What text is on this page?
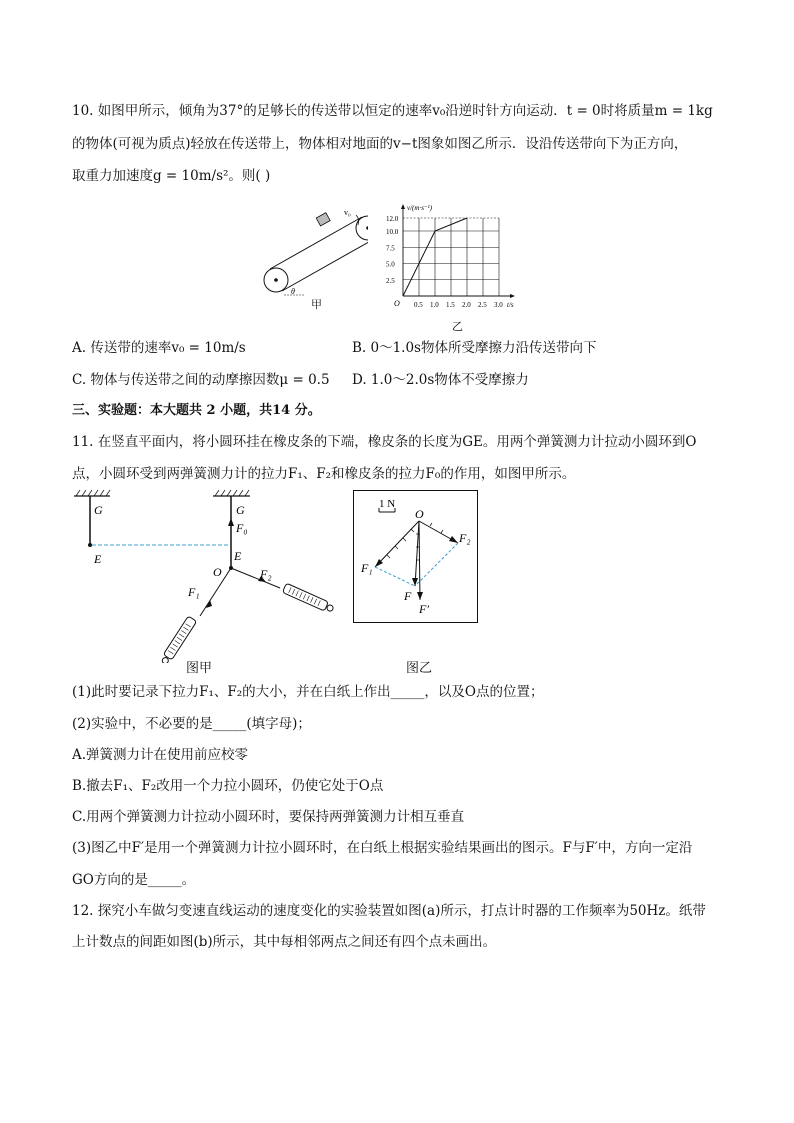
10. 如图甲所示，倾角为37°的足够长的传送带以恒定的速率v₀沿逆时针方向运动．t = 0时将质量m = 1kg
的物体(可视为质点)轻放在传送带上，物体相对地面的v−t图象如图乙所示．设沿传送带向下为正方向，
取重力加速度g = 10m/s²。则( )
v₀
θ
甲	0.5 1.0 1.5 2.0 2.5 3.0
2.5
5.0
7.5
10.0
12.0
v/(m·s⁻¹)
t/s
O
乙
A. 传送带的速率v₀ = 10m/s	B. 0～1.0s物体所受摩擦力沿传送带向下
C. 物体与传送带之间的动摩擦因数μ = 0.5 D. 1.0～2.0s物体不受摩擦力
三、实验题：本大题共 2 小题，共14 分。
11. 在竖直平面内，将小圆环挂在橡皮条的下端，橡皮条的长度为GE。用两个弹簧测力计拉动小圆环到O
点，小圆环受到两弹簧测力计的拉力F₁、F₂和橡皮条的拉力F₀的作用，如图甲所示。
G
E
G
F₀
E
O	F₂
F₁
图甲
1 N
O
F₁
F₂
F
F′
图乙
(1)此时要记录下拉力F₁、F₂的大小，并在白纸上作出_____，以及O点的位置；
(2)实验中，不必要的是_____(填字母)；
A.弹簧测力计在使用前应校零
B.撤去F₁、F₂改用一个力拉小圆环，仍使它处于O点
C.用两个弹簧测力计拉动小圆环时，要保持两弹簧测力计相互垂直
(3)图乙中F′是用一个弹簧测力计拉小圆环时，在白纸上根据实验结果画出的图示。F与F′中，方向一定沿
GO方向的是_____。
12. 探究小车做匀变速直线运动的速度变化的实验装置如图(a)所示，打点计时器的工作频率为50Hz。纸带
上计数点的间距如图(b)所示，其中每相邻两点之间还有四个点未画出。
